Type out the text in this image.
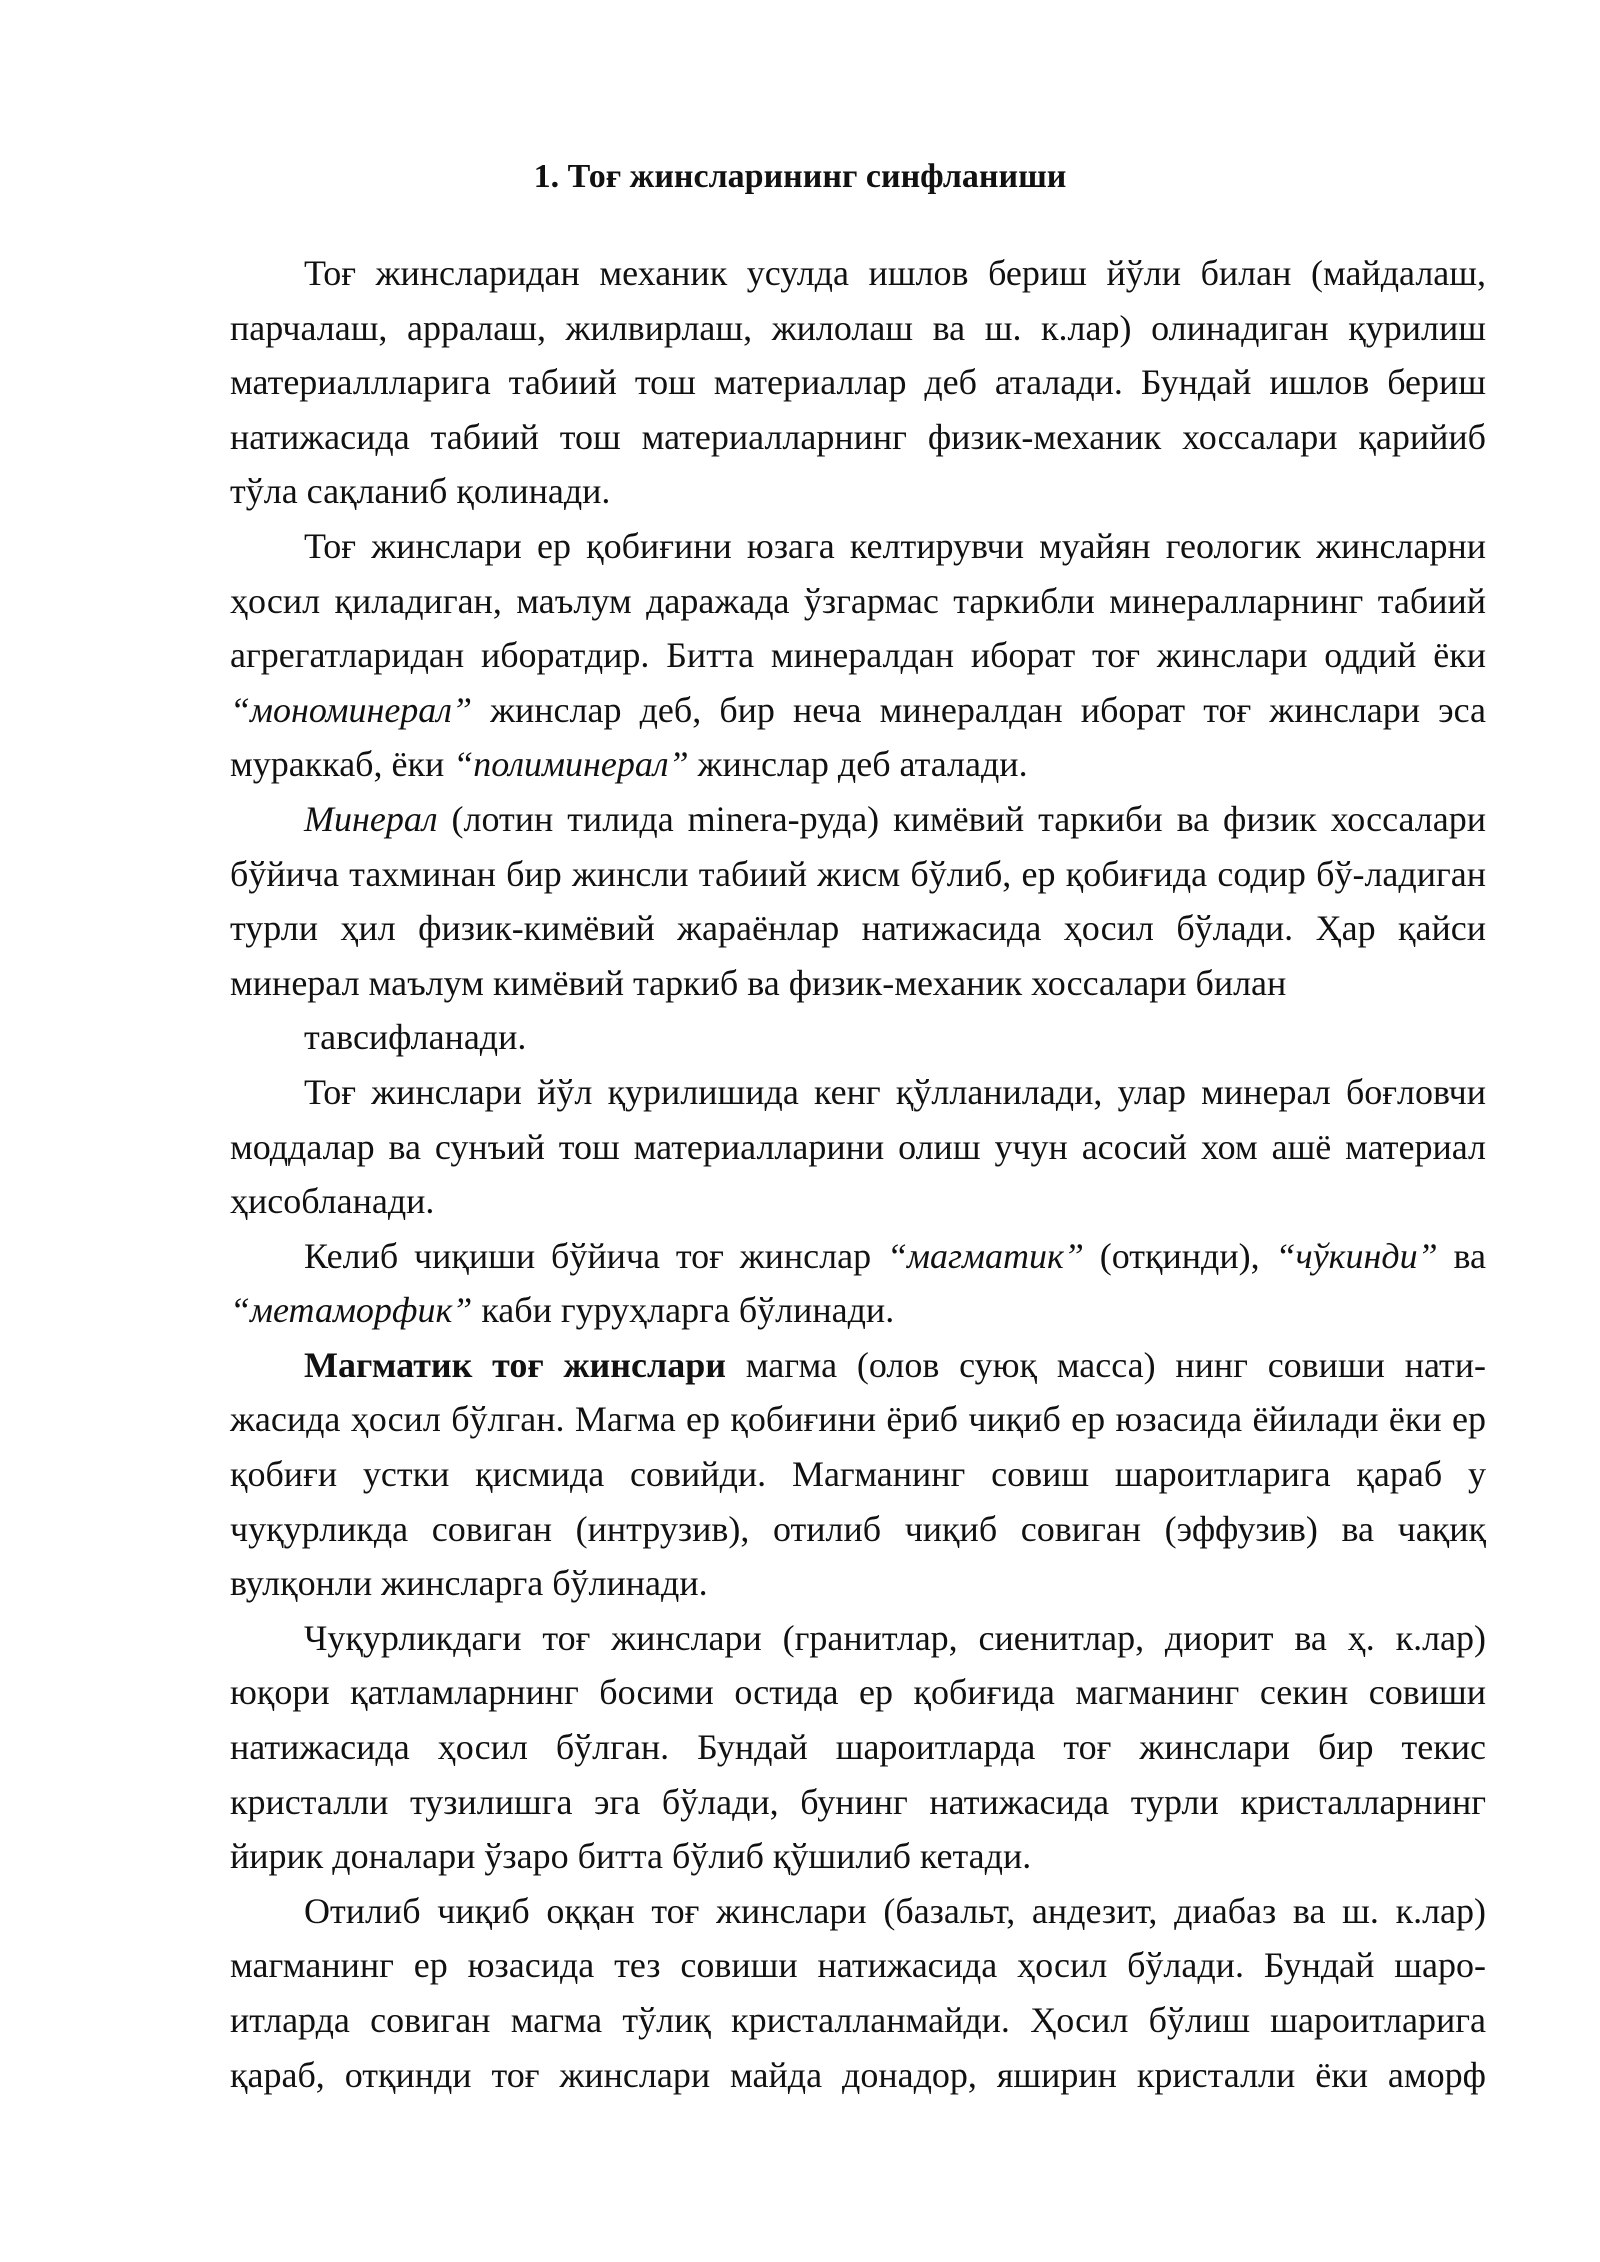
1. Тоғ жинсларининг синфланиши

Тоғ жинсларидан механик усулда ишлов бериш йўли билан (майдалаш, парчалаш, арралаш, жилвирлаш, жилолаш ва ш. к.лар) олинадиган қурилиш материаллларига табиий тош материаллар деб аталади. Бундай ишлов бериш натижасида табиий тош материалларнинг физик-механик хоссалари қарийиб тўла сақланиб қолинади.

Тоғ жинслари ер қобиғини юзага келтирувчи муайян геологик жинсларни ҳосил қиладиган, маълум даражада ўзгармас таркибли минералларнинг табиий агрегатларидан иборатдир. Битта минералдан иборат тоғ жинслари оддий ёки “мономинерал” жинслар деб, бир неча минералдан иборат тоғ жинслари эса мураккаб, ёки “полиминерал” жинслар деб аталади.

Минерал (лотин тилида minera-руда) кимёвий таркиби ва физик хоссалари бўйича тахминан бир жинсли табиий жисм бўлиб, ер қобиғида содир бў-ладиган турли ҳил физик-кимёвий жараёнлар натижасида ҳосил бўлади. Ҳар қайси минерал маълум кимёвий таркиб ва физик-механик хоссалари билан

тавсифланади.

Тоғ жинслари йўл қурилишида кенг қўлланилади, улар минерал боғловчи моддалар ва сунъий тош материалларини олиш учун асосий хом ашё материал ҳисобланади.

Келиб чиқиши бўйича тоғ жинслар “магматик” (отқинди), “чўкинди” ва “метаморфик” каби гуруҳларга бўлинади.

Магматик тоғ жинслари магма (олов суюқ масса) нинг совиши нати-жасида ҳосил бўлган. Магма ер қобиғини ёриб чиқиб ер юзасида ёйилади ёки ер қобиғи устки қисмида совийди. Магманинг совиш шароитларига қараб у чуқурликда совиган (интрузив), отилиб чиқиб совиган (эффузив) ва чақиқ вулқонли жинсларга бўлинади.

Чуқурликдаги тоғ жинслари (гранитлар, сиенитлар, диорит ва ҳ. к.лар) юқори қатламларнинг босими остида ер қобиғида магманинг секин совиши натижасида ҳосил бўлган. Бундай шароитларда тоғ жинслари бир текис кристалли тузилишга эга бўлади, бунинг натижасида турли кристалларнинг йирик доналари ўзаро битта бўлиб қўшилиб кетади.

Отилиб чиқиб оққан тоғ жинслари (базальт, андезит, диабаз ва ш. к.лар) магманинг ер юзасида тез совиши натижасида ҳосил бўлади. Бундай шаро-итларда совиган магма тўлиқ кристалланмайди. Ҳосил бўлиш шароитларига қараб, отқинди тоғ жинслари майда донадор, яширин кристалли ёки аморф
